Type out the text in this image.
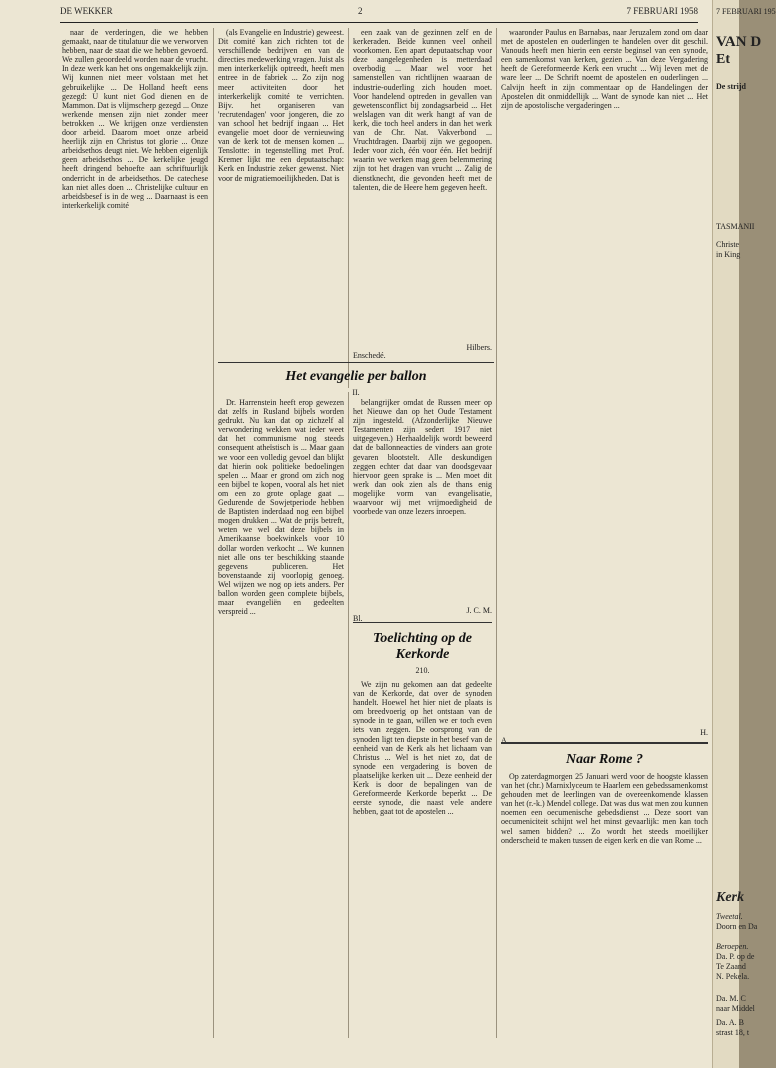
DE WEKKER	2	7 FEBRUARI 1958

naar de verderingen, die we hebben gemaakt, naar de titulatuur die we verworven hebben, naar de staat die we hebben gevoerd. We zullen geoordeeld worden naar de vrucht. In deze werk kan het ons ongemakkelijk zijn. Wij kunnen niet meer volstaan met het gebruikelijke ... De Holland heeft eens gezegd: U kunt niet God dienen en de Mammon. Dat is vlijmscherp gezegd ... Onze werkende mensen zijn niet zonder meer betrokken ... We krijgen onze verdiensten door arbeid. Daarom moet onze arbeid heerlijk zijn en Christus tot glorie ... Onze arbeidsethos deugt niet. We hebben eigenlijk geen arbeidsethos ... De kerkelijke jeugd heeft dringend behoefte aan schriftuurlijk onderricht in de arbeidsethos. De catechese kan niet alles doen ... Christelijke cultuur en arbeidsbesef is in de weg ... Daarnaast is een interkerkelijk comité

(als Evangelie en Industrie) geweest. Dit comité kan zich richten tot de verschillende bedrijven en van de directies medewerking vragen. Juist als men interkerkelijk optreedt, heeft men entree in de fabriek ... Zo zijn nog meer activiteiten door het interkerkelijk comité te verrichten. Bijv. het organiseren van 'recrutendagen' voor jongeren, die zo van school het bedrijf ingaan ... Het evangelie moet door de vernieuwing van de kerk tot de mensen komen ... Tenslotte: in tegenstelling met Prof. Kremer lijkt me een deputaatschap: Kerk en Industrie zeker gewenst. Niet voor de migratiemoeilijkheden. Dat is

een zaak van de gezinnen zelf en de kerkeraden. Beide kunnen veel onheil voorkomen. Een apart deputaatschap voor deze aangelegenheden is metterdaad overbodig ... Maar wel voor het samenstellen van richtlijnen waaraan de industrie-ouderling zich houden moet. Voor handelend optreden in gevallen van gewetensconflict bij zondagsarbeid ... Het welslagen van dit werk hangt af van de kerk, die toch heel anders in dan het werk van de Chr. Nat. Vakverbond ... Vruchtdragen. Daarbij zijn we gegoopen. Ieder voor zich, één voor één. Het bedrijf waarin we werken mag geen belemmering zijn tot het dragen van vrucht ... Zalig de dienstknecht, die gevonden heeft met de talenten, die de Heere hem gegeven heeft.

Enschedé.
Hilbers.

waaronder Paulus en Barnabas, naar Jeruzalem zond om daar met de apostelen en ouderlingen te handelen over dit geschil. Vanouds heeft men hierin een eerste beginsel van een synode, een samenkomst van kerken, gezien ... Van deze Vergadering heeft de Gereformeerde Kerk een vrucht ... Wij leven met de ware leer ... De Schrift noemt de apostelen en ouderlingen ... Calvijn heeft in zijn commentaar op de Handelingen der Apostelen dit onmiddellijk ... Want de synode kan niet ... Het zijn de apostolische vergaderingen ...

Het evangelie per ballon
II.

Dr. Harrenstein heeft erop gewezen dat zelfs in Rusland bijbels worden gedrukt. Nu kan dat op zichzelf al verwondering wekken wat ieder weet dat het communisme nog steeds consequent atheïstisch is ... Maar gaan we voor een volledig gevoel dan blijkt dat hierin ook politieke bedoelingen spelen ... Maar er grond om zich nog een bijbel te kopen, vooral als het niet om een zo grote oplage gaat ... Gedurende de Sowjetperiode hebben de Baptisten inderdaad nog een bijbel mogen drukken ... Wat de prijs betreft, weten we wel dat deze bijbels in Amerikaanse boekwinkels voor 10 dollar worden verkocht ... We kunnen niet alle ons ter beschikking staande gegevens publiceren. Het bovenstaande zij voorlopig genoeg. Wel wijzen we nog op iets anders. Per ballon worden geen complete bijbels, maar evangeliën en gedeelten verspreid ...

belangrijker omdat de Russen meer op het Nieuwe dan op het Oude Testament zijn ingesteld. (Afzonderlijke Nieuwe Testamenten zijn sedert 1917 niet uitgegeven.) Herhaaldelijk wordt beweerd dat de ballonneacties de vinders aan grote gevaren blootstelt. Alle deskundigen zeggen echter dat daar van doodsgevaar hiervoor geen sprake is ... Men moet dit werk dan ook zien als de thans enig mogelijke vorm van evangelisatie, waarvoor wij met vrijmoedigheid de voorbede van onze lezers inroepen.

Bl.
J. C. M.
Toelichting op de Kerkorde
210.

We zijn nu gekomen aan dat gedeelte van de Kerkorde, dat over de synoden handelt. Hoewel het hier niet de plaats is om breedvoerig op het ontstaan van de synode in te gaan, willen we er toch even iets van zeggen. De oorsprong van de synoden ligt ten diepste in het besef van de eenheid van de Kerk als het lichaam van Christus ... Wel is het niet zo, dat de synode een vergadering is boven de plaatselijke kerken uit ... Deze eenheid der Kerk is door de bepalingen van de Gereformeerde Kerkorde beperkt ... De eerste synode, die naast vele andere hebben, gaat tot de apostelen ...

A.
H.
Naar Rome ?

Op zaterdagmorgen 25 Januari werd voor de hoogste klassen van het (chr.) Marnixlyceum te Haarlem een gebedssamenkomst gehouden met de leerlingen van de overeenkomende klassen van het (r.-k.) Mendel college. Dat was dus wat men zou kunnen noemen een oecumenische gebedsdienst ... Deze soort van oecumeniciteit schijnt wel het minst gevaarlijk: men kan toch wel samen bidden? ... Zo wordt het steeds moeilijker onderscheid te maken tussen de eigen kerk en die van Rome ...

7 FEBRUARI 195
VAN D
Et
De strijd
TASMANII
Christe
in King
Kerk
Tweetal.
Doorn en Da
Beroepen.
Da. P. op de
Te Zaand
N. Pekela.
Da. M. C
naar Middel
Da. A. B
strast 18, t
